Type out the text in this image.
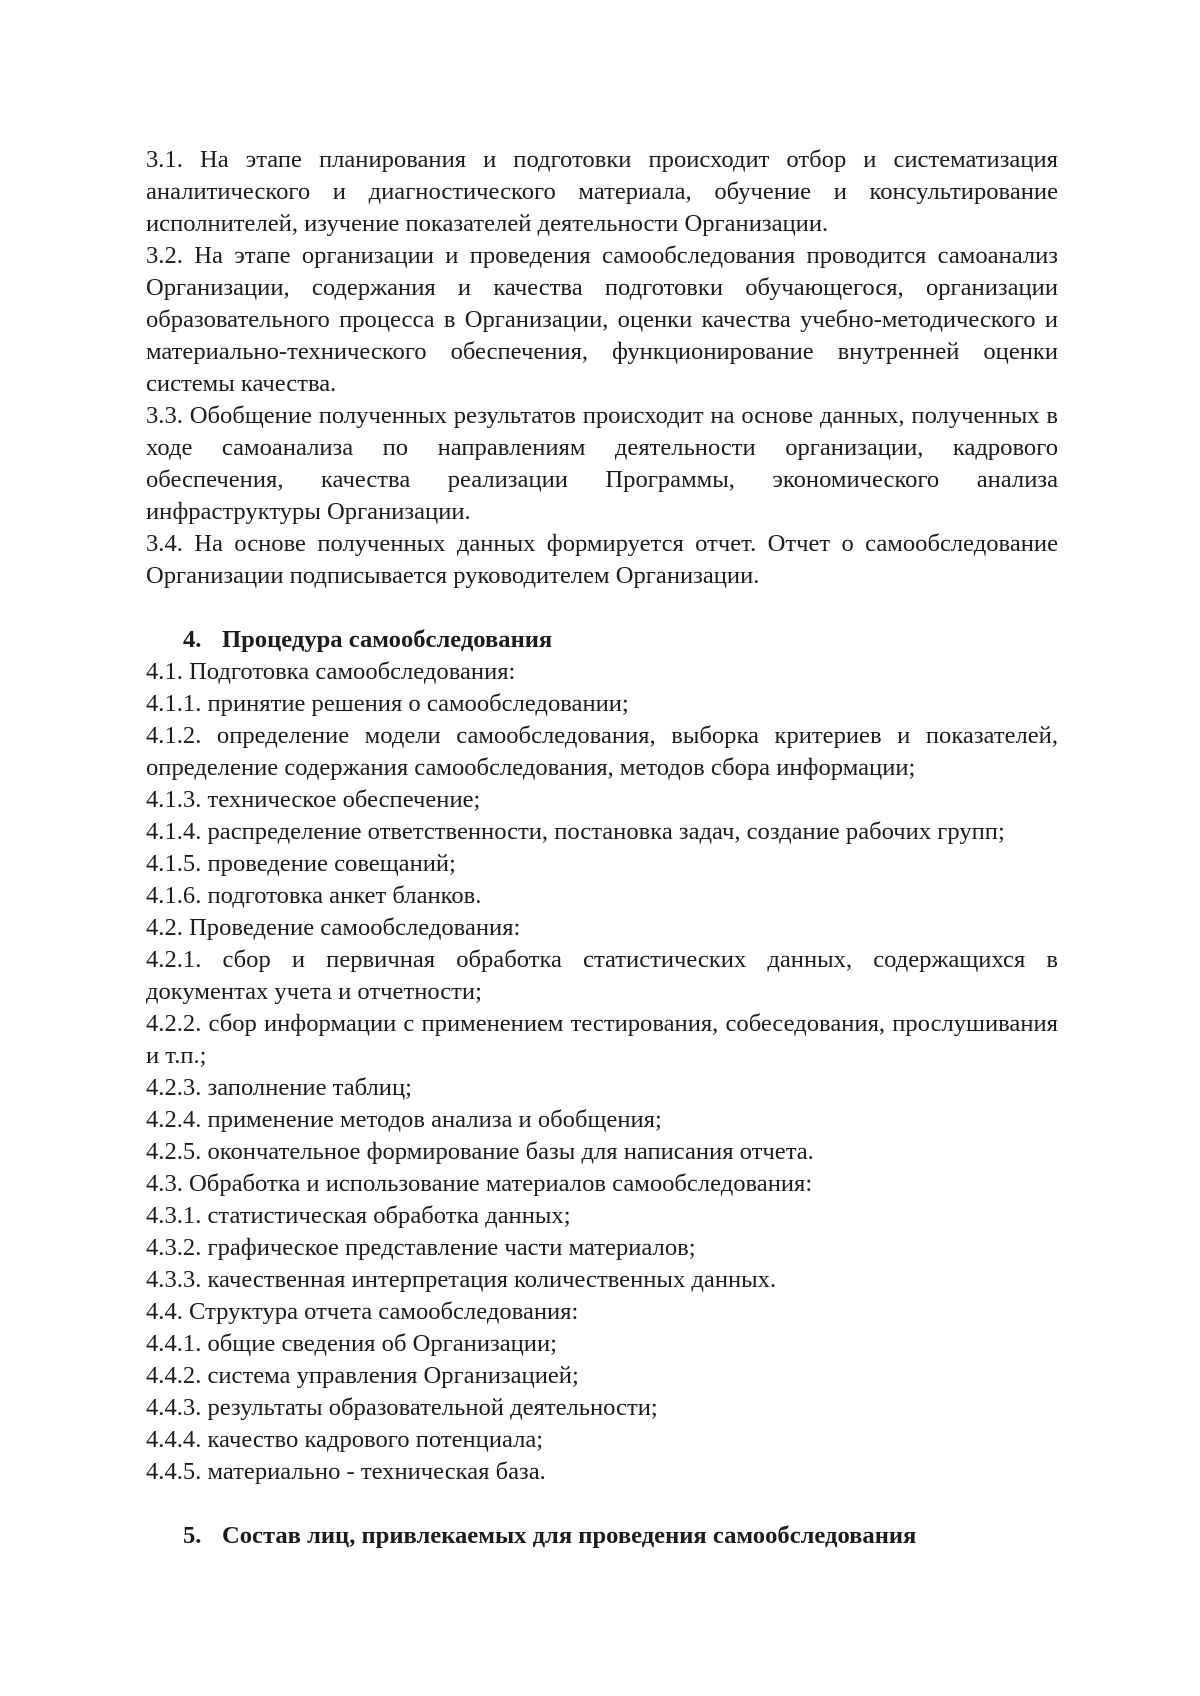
3.1. На этапе планирования и подготовки происходит отбор и систематизация аналитического и диагностического материала, обучение и консультирование исполнителей, изучение показателей деятельности Организации.

3.2. На этапе организации и проведения самообследования проводится самоанализ Организации, содержания и качества подготовки обучающегося, организации образовательного процесса в Организации, оценки качества учебно-методического и материально-технического обеспечения, функционирование внутренней оценки системы качества.

3.3. Обобщение полученных результатов происходит на основе данных, полученных в ходе самоанализа по направлениям деятельности организации, кадрового обеспечения, качества реализации Программы, экономического анализа инфраструктуры Организации.

3.4. На основе полученных данных формируется отчет. Отчет о самообследование Организации подписывается руководителем Организации.

4. Процедура самообследования

4.1. Подготовка самообследования:

4.1.1. принятие решения о самообследовании;

4.1.2. определение модели самообследования, выборка критериев и показателей, определение содержания самообследования, методов сбора информации;

4.1.3. техническое обеспечение;

4.1.4. распределение ответственности, постановка задач, создание рабочих групп;

4.1.5. проведение совещаний;

4.1.6. подготовка анкет бланков.

4.2. Проведение самообследования:

4.2.1. сбор и первичная обработка статистических данных, содержащихся в документах учета и отчетности;

4.2.2. сбор информации с применением тестирования, собеседования, прослушивания и т.п.;

4.2.3. заполнение таблиц;

4.2.4. применение методов анализа и обобщения;

4.2.5. окончательное формирование базы для написания отчета.

4.3. Обработка и использование материалов самообследования:

4.3.1. статистическая обработка данных;

4.3.2. графическое представление части материалов;

4.3.3. качественная интерпретация количественных данных.

4.4. Структура отчета самообследования:

4.4.1. общие сведения об Организации;

4.4.2. система управления Организацией;

4.4.3. результаты образовательной деятельности;

4.4.4. качество кадрового потенциала;

4.4.5. материально - техническая база.

5. Состав лиц, привлекаемых для проведения самообследования
